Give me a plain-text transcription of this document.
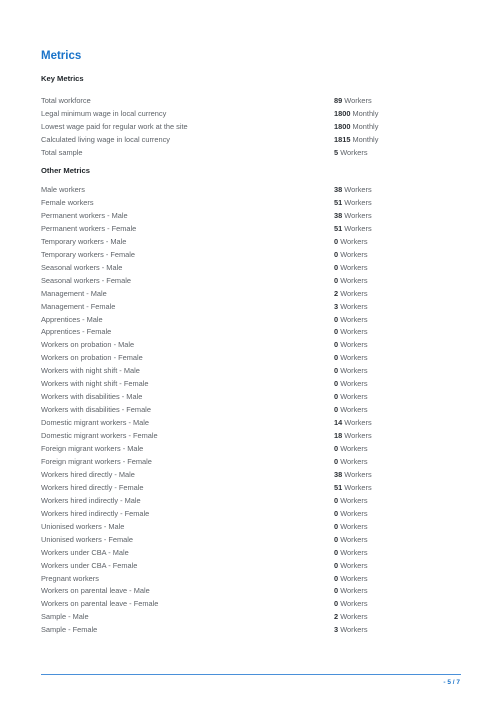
Metrics
Key Metrics
Total workforce	89 Workers
Legal minimum wage in local currency	1800 Monthly
Lowest wage paid for regular work at the site	1800 Monthly
Calculated living wage in local currency	1815 Monthly
Total sample	5 Workers
Other Metrics
Male workers	38 Workers
Female workers	51 Workers
Permanent workers - Male	38 Workers
Permanent workers - Female	51 Workers
Temporary workers - Male	0 Workers
Temporary workers - Female	0 Workers
Seasonal workers - Male	0 Workers
Seasonal workers - Female	0 Workers
Management - Male	2 Workers
Management - Female	3 Workers
Apprentices - Male	0 Workers
Apprentices - Female	0 Workers
Workers on probation - Male	0 Workers
Workers on probation - Female	0 Workers
Workers with night shift - Male	0 Workers
Workers with night shift - Female	0 Workers
Workers with disabilities - Male	0 Workers
Workers with disabilities - Female	0 Workers
Domestic migrant workers - Male	14 Workers
Domestic migrant workers - Female	18 Workers
Foreign migrant workers - Male	0 Workers
Foreign migrant workers - Female	0 Workers
Workers hired directly - Male	38 Workers
Workers hired directly - Female	51 Workers
Workers hired indirectly - Male	0 Workers
Workers hired indirectly - Female	0 Workers
Unionised workers - Male	0 Workers
Unionised workers - Female	0 Workers
Workers under CBA - Male	0 Workers
Workers under CBA - Female	0 Workers
Pregnant workers	0 Workers
Workers on parental leave - Male	0 Workers
Workers on parental leave - Female	0 Workers
Sample - Male	2 Workers
Sample - Female	3 Workers
- 5 / 7
